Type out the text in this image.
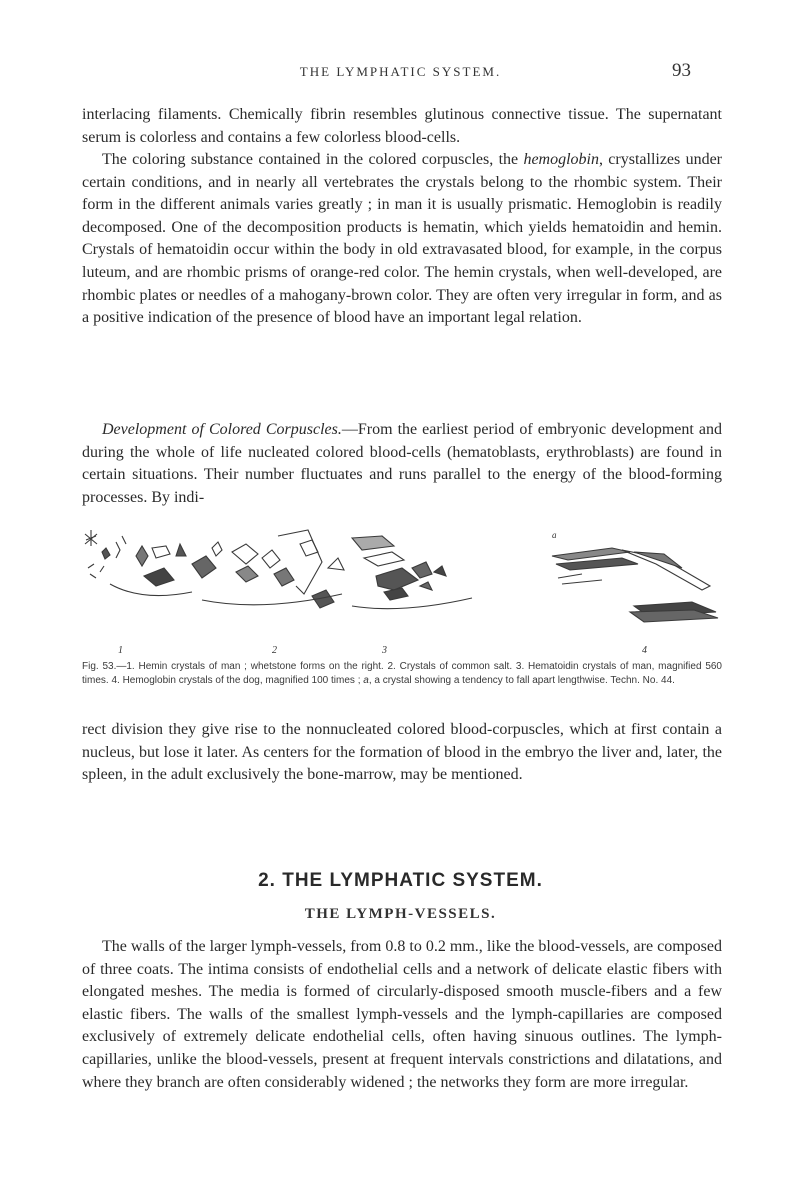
THE LYMPHATIC SYSTEM.	93

interlacing filaments. Chemically fibrin resembles glutinous connective tissue. The supernatant serum is colorless and contains a few colorless blood-cells.

The coloring substance contained in the colored corpuscles, the hemoglobin, crystallizes under certain conditions, and in nearly all vertebrates the crystals belong to the rhombic system. Their form in the different animals varies greatly ; in man it is usually prismatic. Hemoglobin is readily decomposed. One of the decomposition products is hematin, which yields hematoidin and hemin. Crystals of hematoidin occur within the body in old extravasated blood, for example, in the corpus luteum, and are rhombic prisms of orange-red color. The hemin crystals, when well-developed, are rhombic plates or needles of a mahogany-brown color. They are often very irregular in form, and as a positive indication of the presence of blood have an important legal relation.

Development of Colored Corpuscles.—From the earliest period of embryonic development and during the whole of life nucleated colored blood-cells (hematoblasts, erythroblasts) are found in certain situations. Their number fluctuates and runs parallel to the energy of the blood-forming processes. By indi-

a
1	2	3	4

Fig. 53.—1. Hemin crystals of man ; whetstone forms on the right. 2. Crystals of common salt. 3. Hematoidin crystals of man, magnified 560 times. 4. Hemoglobin crystals of the dog, magnified 100 times ; a, a crystal showing a tendency to fall apart lengthwise. Techn. No. 44.

rect division they give rise to the nonnucleated colored blood-corpuscles, which at first contain a nucleus, but lose it later. As centers for the formation of blood in the embryo the liver and, later, the spleen, in the adult exclusively the bone-marrow, may be mentioned.

2. THE LYMPHATIC SYSTEM.
THE LYMPH-VESSELS.

The walls of the larger lymph-vessels, from 0.8 to 0.2 mm., like the blood-vessels, are composed of three coats. The intima consists of endothelial cells and a network of delicate elastic fibers with elongated meshes. The media is formed of circularly-disposed smooth muscle-fibers and a few elastic fibers. The walls of the smallest lymph-vessels and the lymph-capillaries are composed exclusively of extremely delicate endothelial cells, often having sinuous outlines. The lymph-capillaries, unlike the blood-vessels, present at frequent intervals constrictions and dilatations, and where they branch are often considerably widened ; the networks they form are more irregular.
